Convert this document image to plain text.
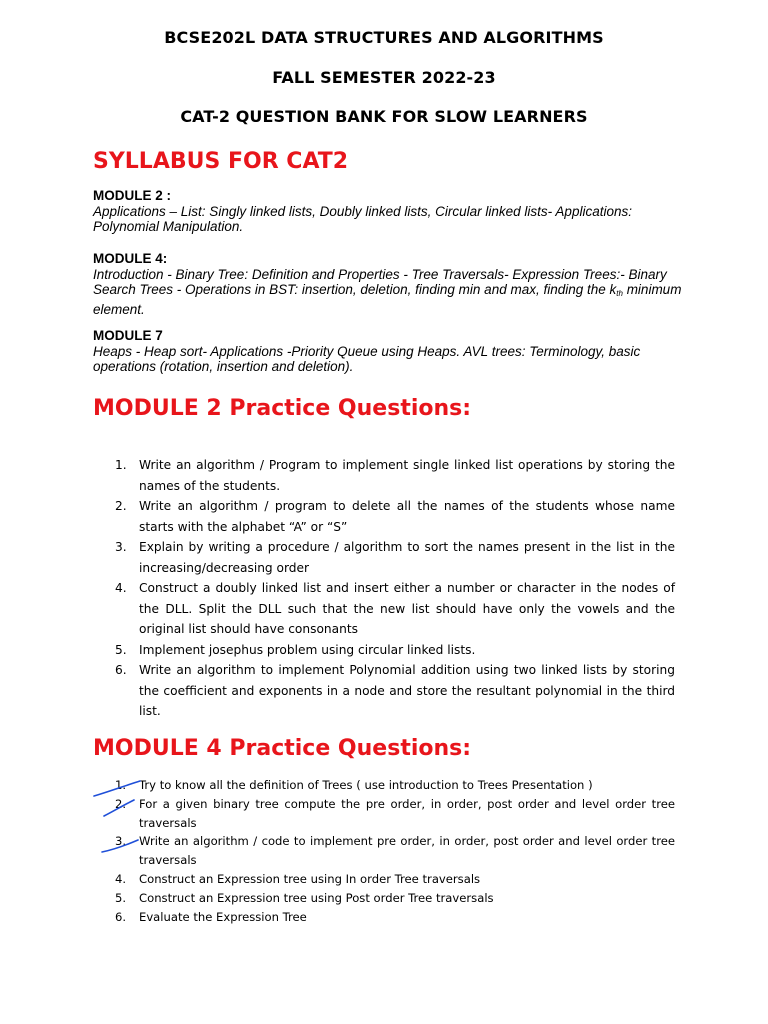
BCSE202L DATA STRUCTURES AND ALGORITHMS
FALL SEMESTER 2022-23
CAT-2 QUESTION BANK FOR SLOW LEARNERS
SYLLABUS FOR CAT2
MODULE 2 :
Applications – List: Singly linked lists, Doubly linked lists, Circular linked lists- Applications: Polynomial Manipulation.
MODULE 4:
Introduction - Binary Tree: Definition and Properties - Tree Traversals- Expression Trees:- Binary Search Trees - Operations in BST: insertion, deletion, finding min and max, finding the $k_{th}$ minimum element.
MODULE 7
Heaps - Heap sort- Applications -Priority Queue using Heaps. AVL trees: Terminology, basic operations (rotation, insertion and deletion).
MODULE 2 Practice Questions:
1. Write an algorithm / Program to implement single linked list operations by storing the names of the students.
2. Write an algorithm / program to delete all the names of the students whose name starts with the alphabet “A” or “S”
3. Explain by writing a procedure / algorithm to sort the names present in the list in the increasing/decreasing order
4. Construct a doubly linked list and insert either a number or character in the nodes of the DLL. Split the DLL such that the new list should have only the vowels and the original list should have consonants
5. Implement josephus problem using circular linked lists.
6. Write an algorithm to implement Polynomial addition using two linked lists by storing the coefficient and exponents in a node and store the resultant polynomial in the third list.
MODULE 4 Practice Questions:
1. Try to know all the definition of Trees ( use introduction to Trees Presentation )
2. For a given binary tree compute the pre order, in order, post order and level order tree traversals
3. Write an algorithm / code to implement pre order, in order, post order and level order tree traversals
4. Construct an Expression tree using In order Tree traversals
5. Construct an Expression tree using Post order Tree traversals
6. Evaluate the Expression Tree
